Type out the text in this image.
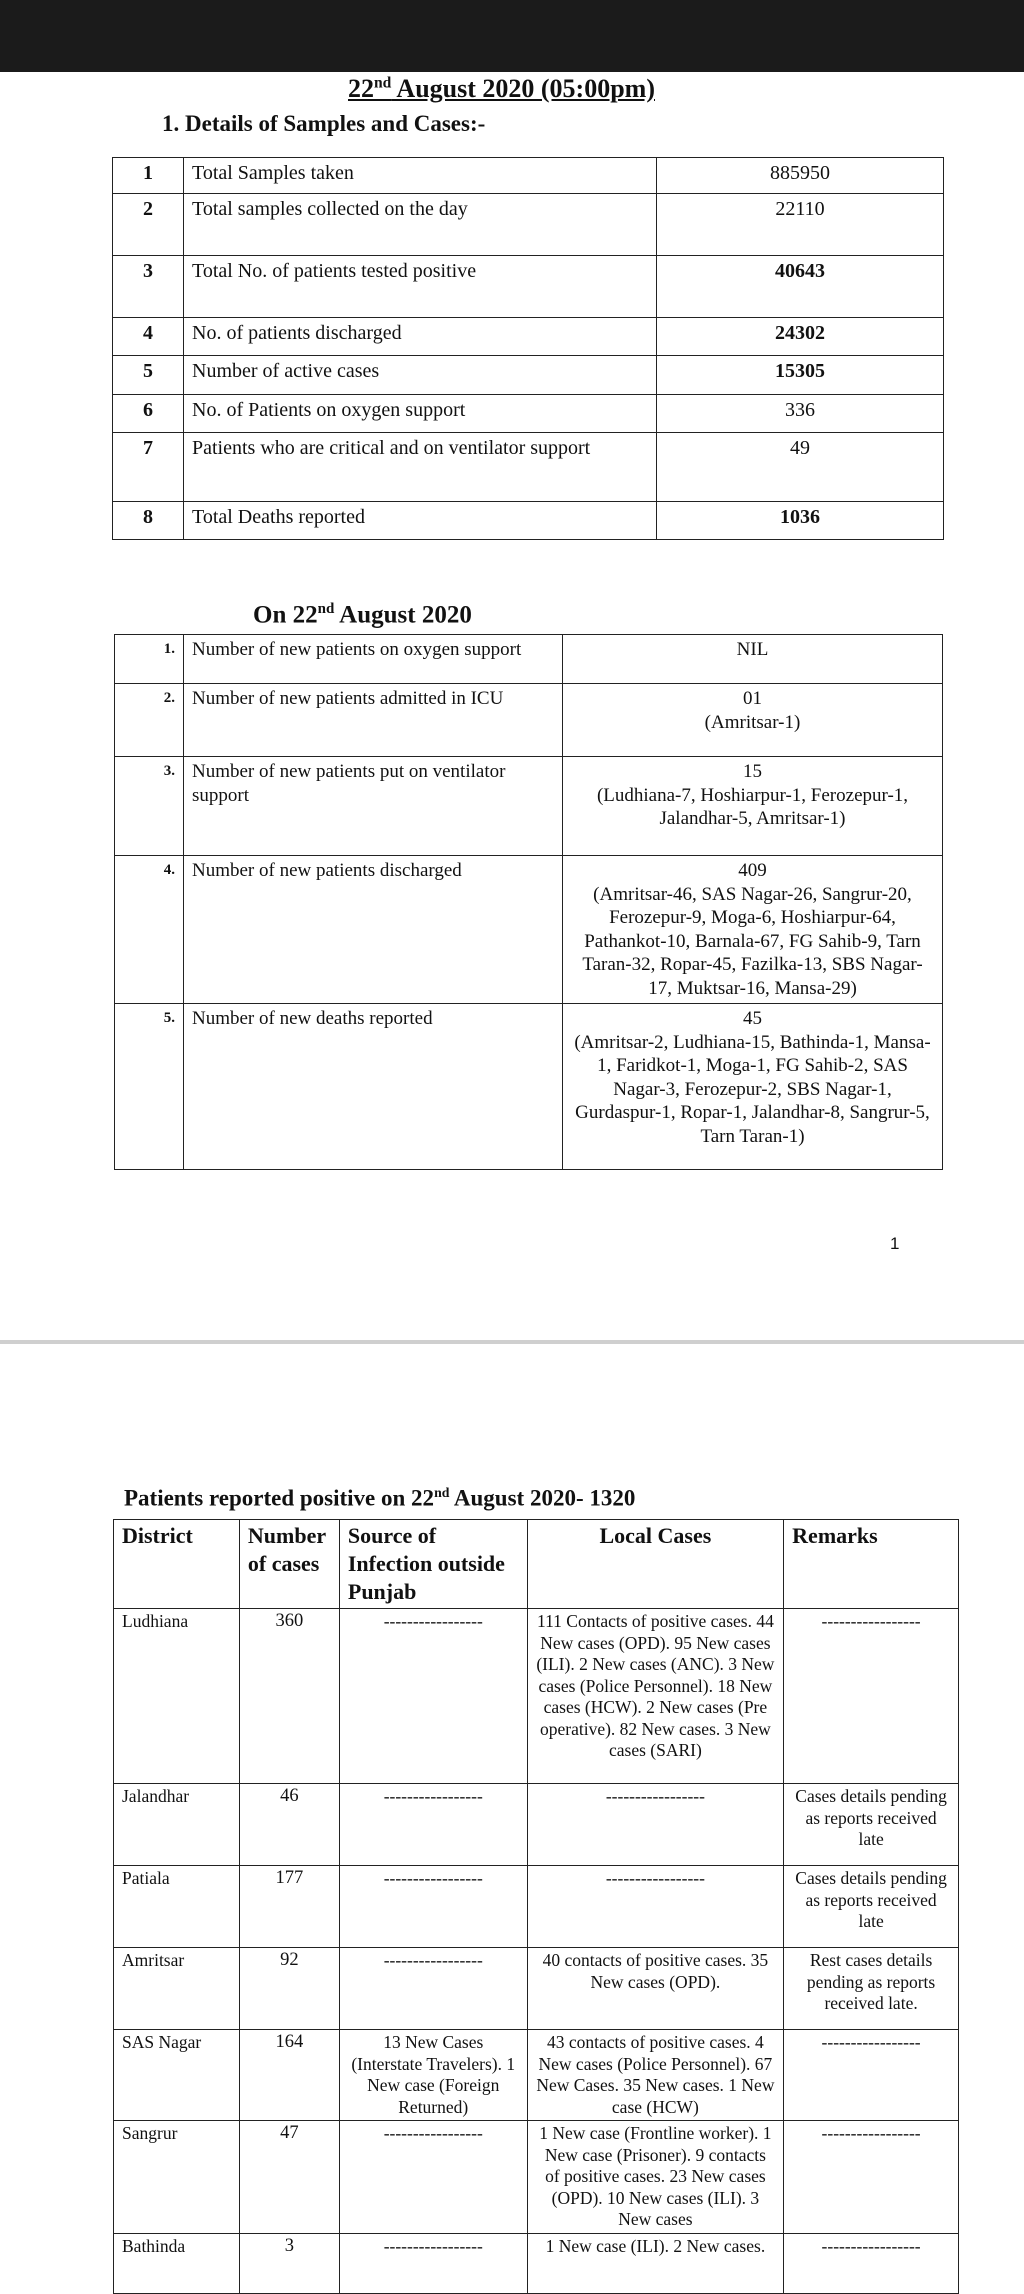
22nd August 2020 (05:00pm)
1. Details of Samples and Cases:-
1	Total Samples taken	885950
2	Total samples collected on the day	22110
3	Total No. of patients tested positive	40643
4	No. of patients discharged	24302
5	Number of active cases	15305
6	No. of Patients on oxygen support	336
7	Patients who are critical and on ventilator support	49
8	Total Deaths reported	1036
On 22nd August 2020
1.	Number of new patients on oxygen support	NIL

2.	Number of new patients admitted in ICU	01
(Amritsar-1)

3.	Number of new patients put on ventilator support	15
(Ludhiana-7, Hoshiarpur-1, Ferozepur-1, Jalandhar-5, Amritsar-1)

4.	Number of new patients discharged	409
(Amritsar-46, SAS Nagar-26, Sangrur-20, Ferozepur-9, Moga-6, Hoshiarpur-64, Pathankot-10, Barnala-67, FG Sahib-9, Tarn Taran-32, Ropar-45, Fazilka-13, SBS Nagar-17, Muktsar-16, Mansa-29)

5.	Number of new deaths reported	45
(Amritsar-2, Ludhiana-15, Bathinda-1, Mansa-1, Faridkot-1, Moga-1, FG Sahib-2, SAS Nagar-3, Ferozepur-2, SBS Nagar-1, Gurdaspur-1, Ropar-1, Jalandhar-8, Sangrur-5, Tarn Taran-1)
1
Patients reported positive on 22nd August 2020- 1320
District	Number of cases	Source of Infection outside Punjab	Local Cases	Remarks
Ludhiana	360	-----------------	111 Contacts of positive cases. 44 New cases (OPD). 95 New cases (ILI). 2 New cases (ANC). 3 New cases (Police Personnel). 18 New cases (HCW). 2 New cases (Pre operative). 82 New cases. 3 New cases (SARI)	-----------------
Jalandhar	46	-----------------	-----------------	Cases details pending as reports received late
Patiala	177	-----------------	-----------------	Cases details pending as reports received late
Amritsar	92	-----------------	40 contacts of positive cases. 35 New cases (OPD).	Rest cases details pending as reports received late.
SAS Nagar	164	13 New Cases (Interstate Travelers). 1 New case (Foreign Returned)	43 contacts of positive cases. 4 New cases (Police Personnel). 67 New Cases. 35 New cases. 1 New case (HCW)	-----------------
Sangrur	47	-----------------	1 New case (Frontline worker). 1 New case (Prisoner). 9 contacts of positive cases. 23 New cases (OPD). 10 New cases (ILI). 3 New cases	-----------------
Bathinda	3	-----------------	1 New case (ILI). 2 New cases.	-----------------
